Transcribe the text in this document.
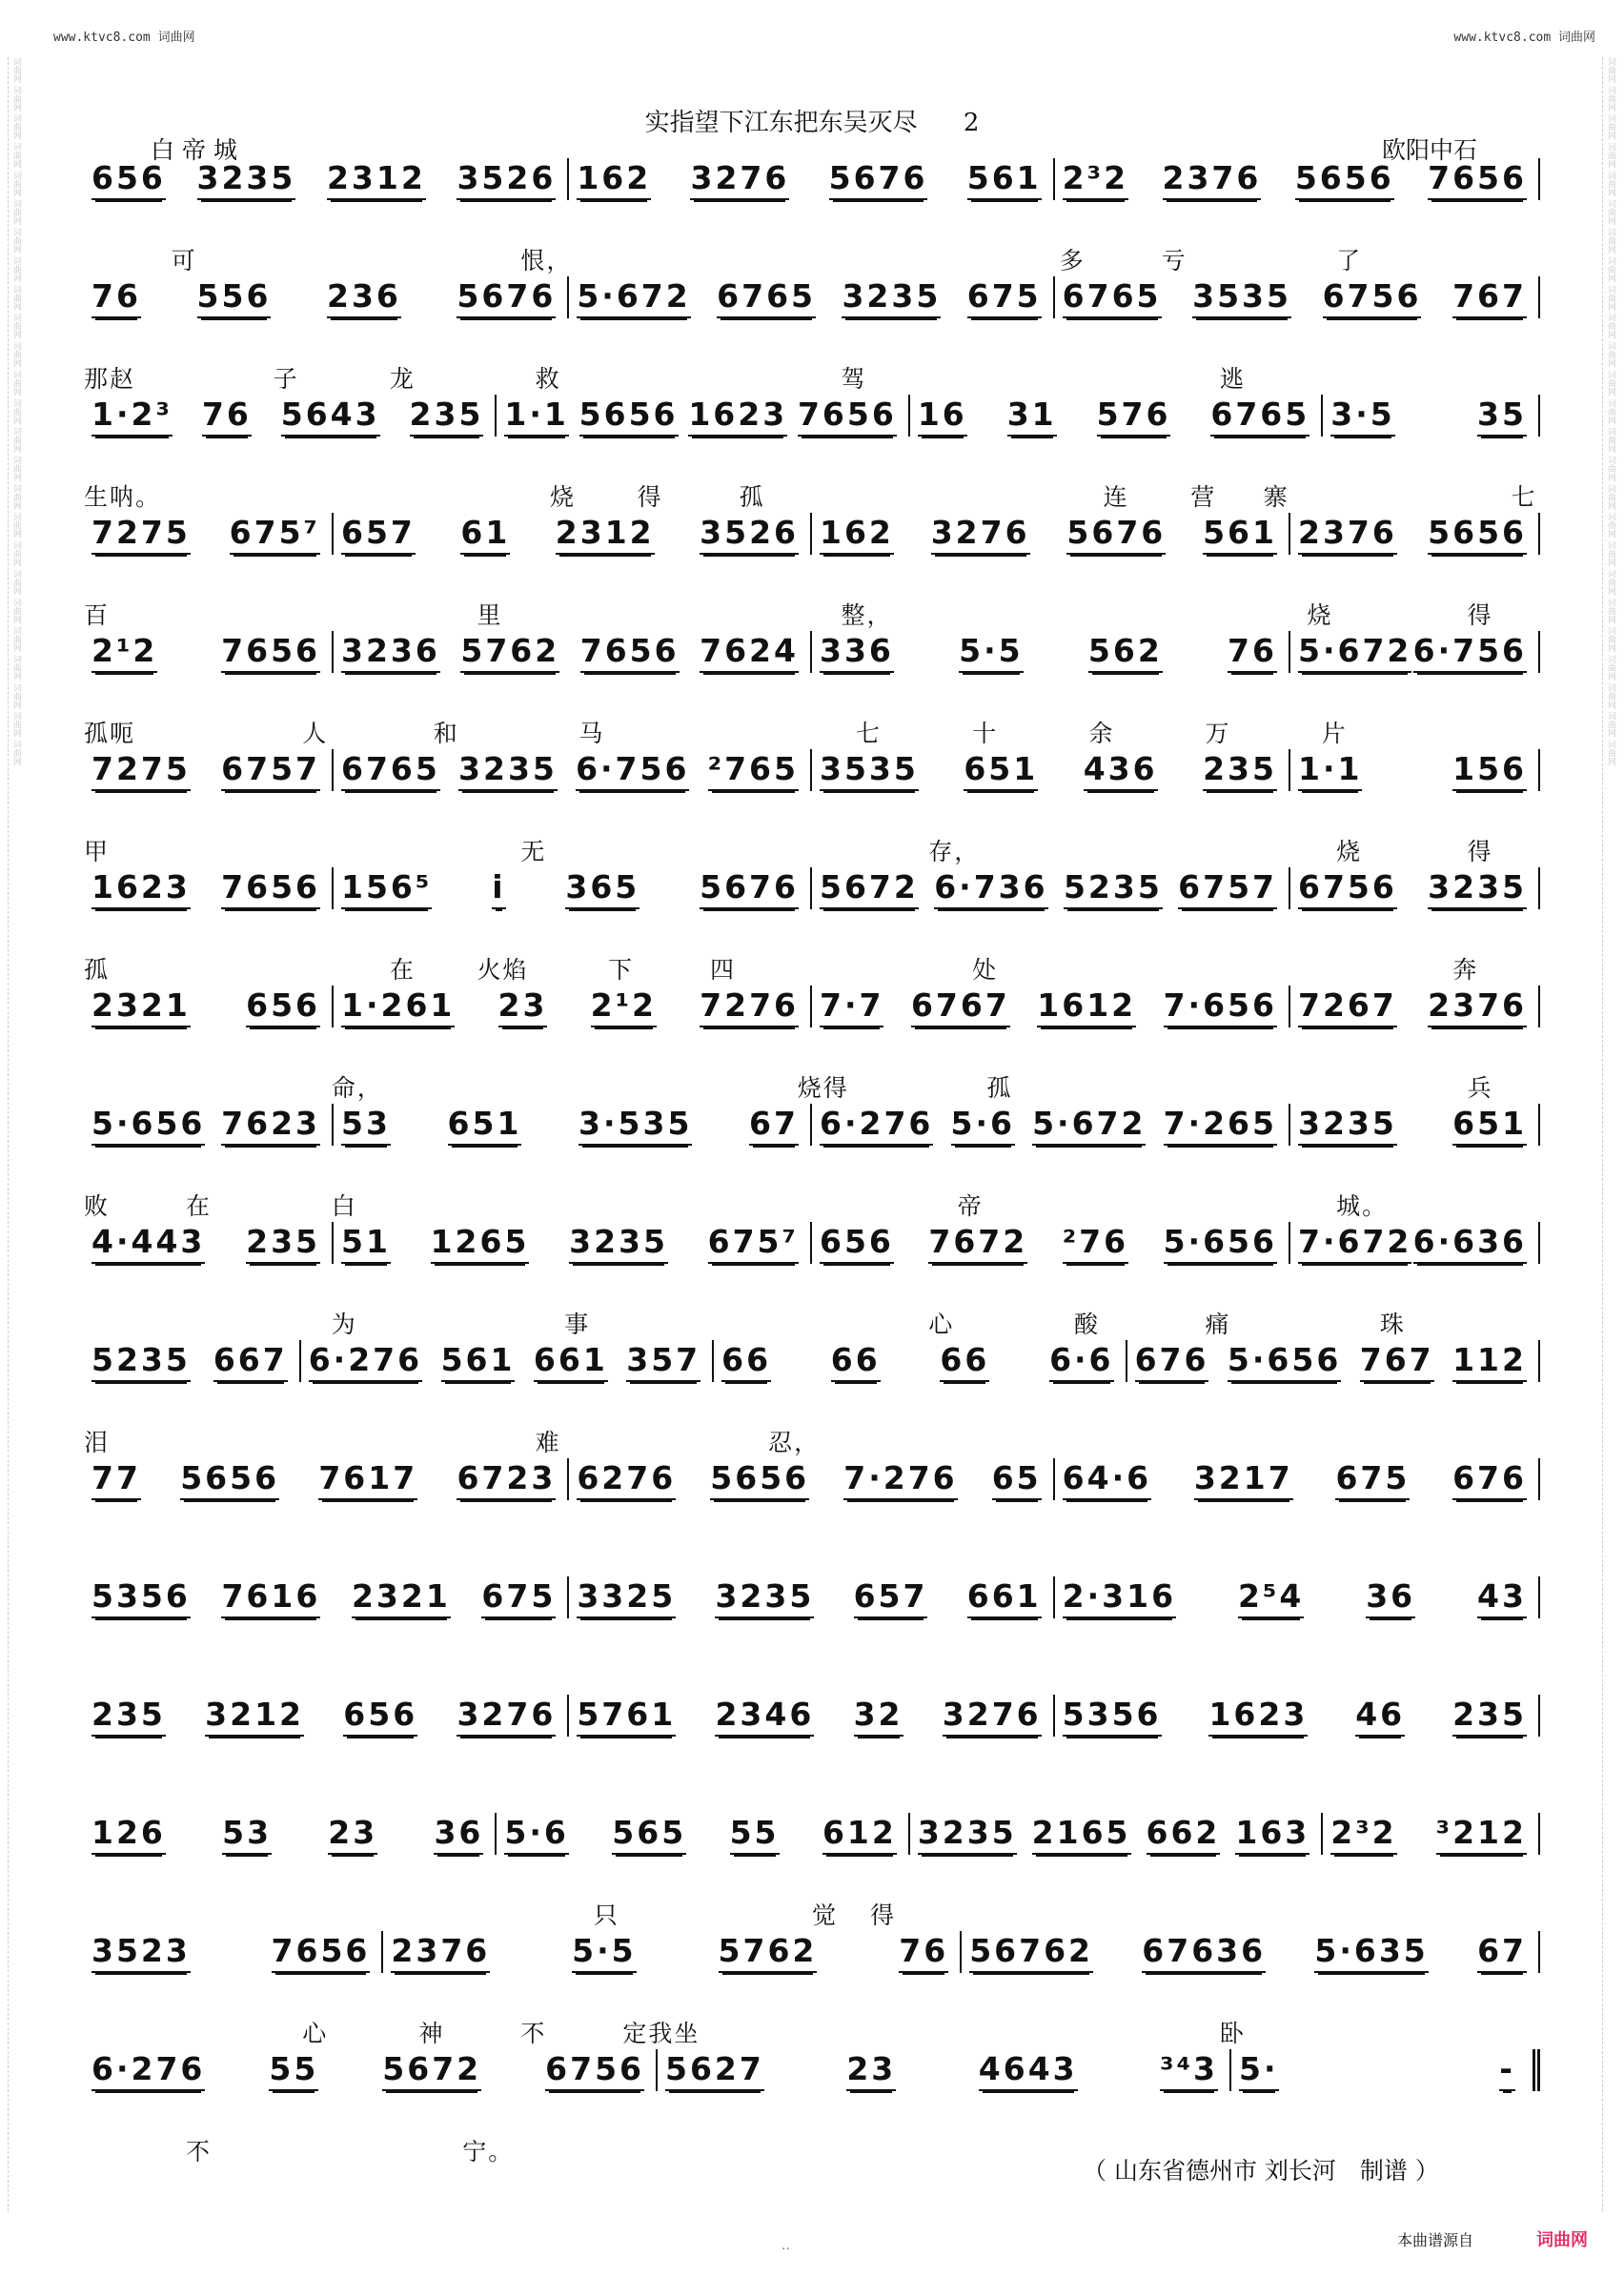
www.ktvc8.com 词曲网	www.ktvc8.com 词曲网
词曲网 词曲网 词曲网 词曲网 词曲网 词曲网 词曲网 词曲网 词曲网 词曲网 词曲网 词曲网 词曲网 词曲网 词曲网 词曲网 词曲网 词曲网 词曲网 词曲网 词曲网 词曲网 词曲网 词曲网 词曲网	词曲网 词曲网 词曲网 词曲网 词曲网 词曲网 词曲网 词曲网 词曲网 词曲网 词曲网 词曲网 词曲网 词曲网 词曲网 词曲网 词曲网 词曲网 词曲网 词曲网 词曲网 词曲网 词曲网 词曲网 词曲网
实指望下江东把东吴灭尽 2
白帝城	欧阳中石
656 3235 2312 3526 162 3276 5676 561 2³2 2376 5656 7656
可	恨，	多	亏	了
76 556 236 5676 5·672 6765 3235 675 6765 3535 6756 767
那赵	子	龙	救	驾	逃
1·2³ 76 5643 235 1·1 5656 1623 7656 16 31 576 6765 3·5	35
生呐。	烧	得	孤	连	营 寨	七
7275 675⁷ 657 61 2312 3526 162 3276 5676 561 2376 5656
百	里	整，	烧	得
2¹2 7656 3236 5762 7656 7624 336 5·5 562 76 5·672 6·756
孤呃	人	和	马	七	十	余	万	片
7275 6757 6765 3235 6·756 ²765 3535 651 436 235 1·1	156
甲	无	存，	烧	得
1623 7656 156⁵ i 365 5676 5672 6·736 5235 6757 6756 3235
孤	在	火焰	下	四	处	奔
2321 656 1·261 23 2¹2 7276 7·7 6767 1612 7·656 7267 2376
命，	烧得	孤	兵
5·656 7623 53 651 3·535 67 6·276 5·6 5·672 7·265 3235 651
败	在	白	帝	城。
4·443 235 51 1265 3235 675⁷ 656 7672 ²76 5·656 7·672 6·636
为	事	心	酸	痛	珠
5235 667 6·276 561 661 357 66 66 66 6·6 676 5·656 767 112
泪	难	忍，
77 5656 7617 6723 6276 5656 7·276 65 64·6 3217 675 676
5356 7616 2321 675 3325 3235 657 661 2·316 2⁵4 36 43
235 3212 656 3276 5761 2346 32 3276 5356 1623 46 235
126 53 23 36 5·6 565 55 612 3235 2165 662 163 2³2 ³212
只	觉 得
3523	7656 2376	5·5	5762	76 56762 67636 5·635 67
心	神	不	定我坐	卧
6·276 55 5672 6756 5627	23	4643	³⁴3 5·	-
不	宁。
（ 山东省德州市 刘长河　制谱 ）
··	本曲谱源自	词曲网
